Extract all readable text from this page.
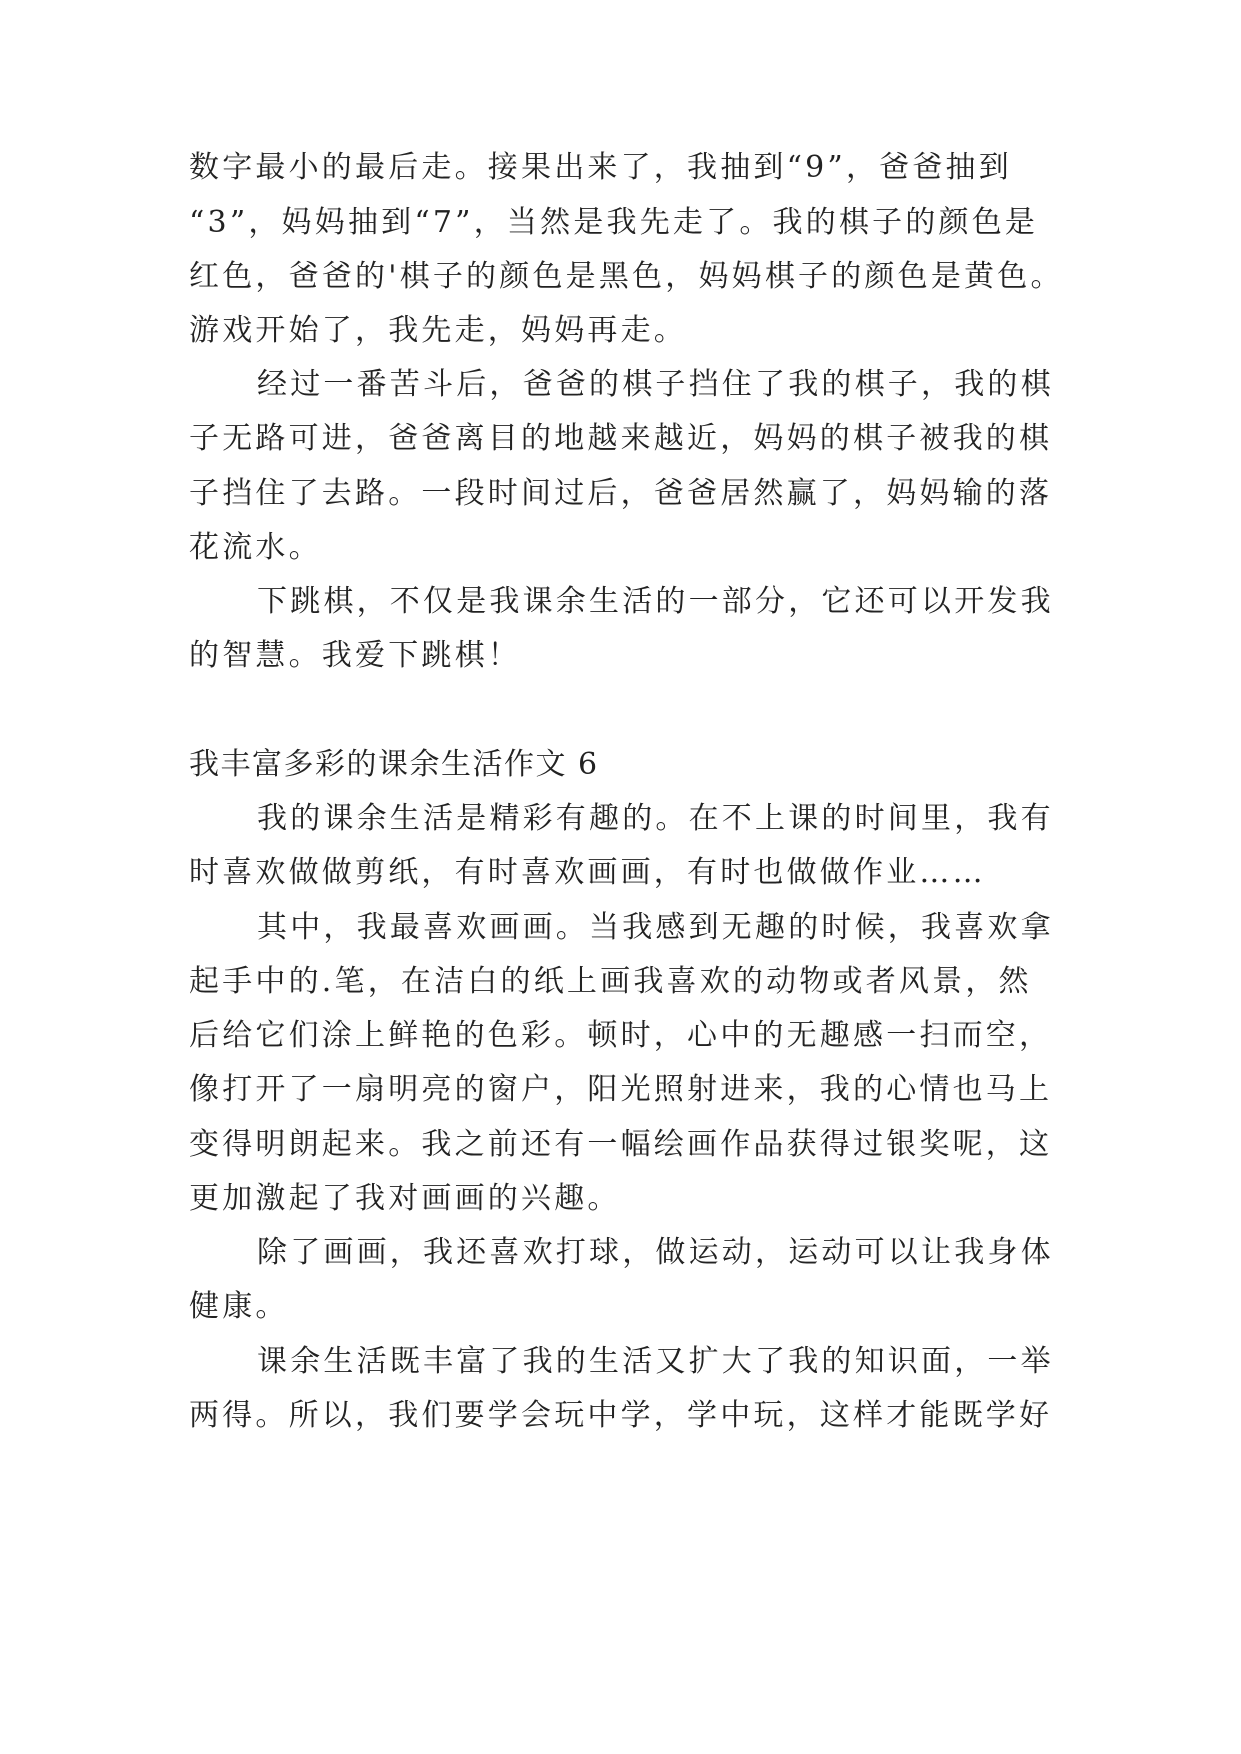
数字最小的最后走。接果出来了，我抽到“9”，爸爸抽到
“3”，妈妈抽到“7”，当然是我先走了。我的棋子的颜色是
红色，爸爸的'棋子的颜色是黑色，妈妈棋子的颜色是黄色。
游戏开始了，我先走，妈妈再走。
经过一番苦斗后，爸爸的棋子挡住了我的棋子，我的棋
子无路可进，爸爸离目的地越来越近，妈妈的棋子被我的棋
子挡住了去路。一段时间过后，爸爸居然赢了，妈妈输的落
花流水。
下跳棋，不仅是我课余生活的一部分，它还可以开发我
的智慧。我爱下跳棋！
我丰富多彩的课余生活作文 6
我的课余生活是精彩有趣的。在不上课的时间里，我有
时喜欢做做剪纸，有时喜欢画画，有时也做做作业……
其中，我最喜欢画画。当我感到无趣的时候，我喜欢拿
起手中的.笔，在洁白的纸上画我喜欢的动物或者风景，然
后给它们涂上鲜艳的色彩。顿时，心中的无趣感一扫而空，
像打开了一扇明亮的窗户，阳光照射进来，我的心情也马上
变得明朗起来。我之前还有一幅绘画作品获得过银奖呢，这
更加激起了我对画画的兴趣。
除了画画，我还喜欢打球，做运动，运动可以让我身体
健康。
课余生活既丰富了我的生活又扩大了我的知识面，一举
两得。所以，我们要学会玩中学，学中玩，这样才能既学好
